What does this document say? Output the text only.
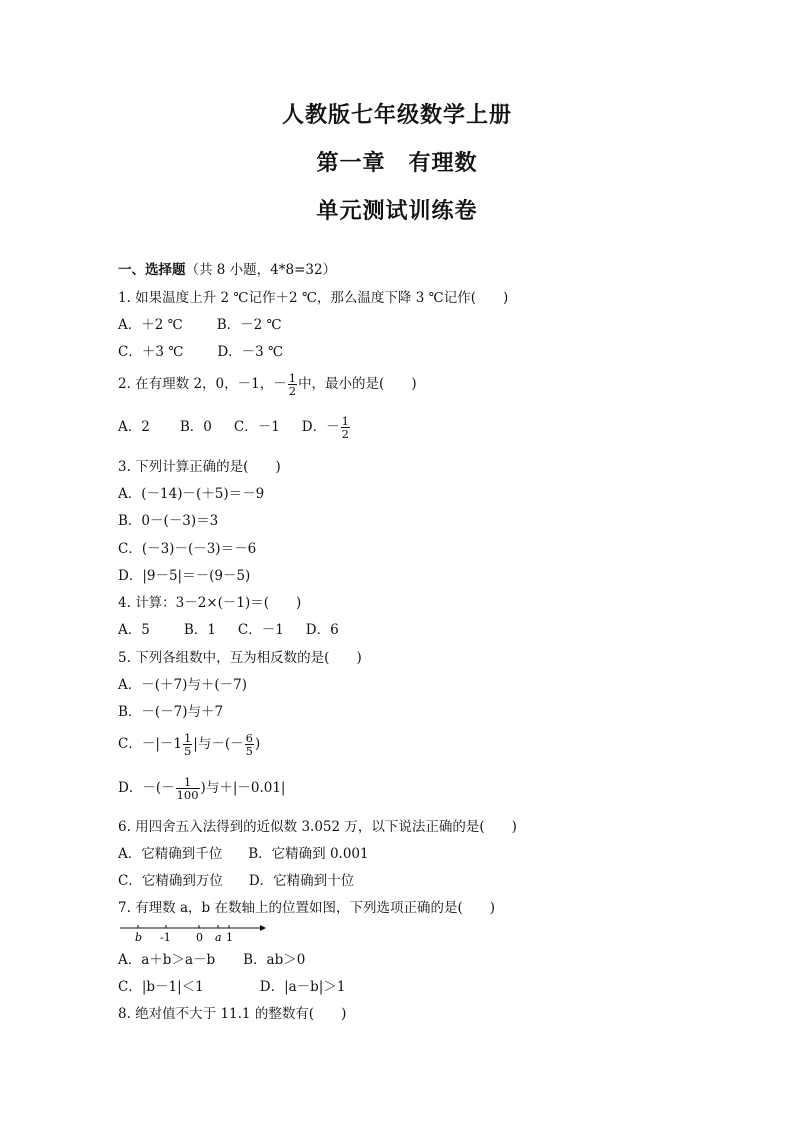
人教版七年级数学上册
第一章　有理数
单元测试训练卷
一、选择题（共 8 小题，4*8=32）
1. 如果温度上升 2 ℃记作＋2 ℃，那么温度下降 3 ℃记作(　　)
A．＋2 ℃	B．－2 ℃
C．＋3 ℃	D．－3 ℃
2. 在有理数 2，0，－1，－ $\frac{1}{2}$ 中，最小的是(　　)
A．2 B．0 C．－1 D．－ $\frac{1}{2}$
3. 下列计算正确的是(　　)
A．(－14)－(＋5)＝－9
B．0－(－3)＝3
C．(－3)－(－3)＝－6
D．|9－5|＝－(9－5)
4. 计算：3－2×(－1)＝(　　)
A．5	B．1 C．－1 D．6
5. 下列各组数中，互为相反数的是(　　)
A．－(＋7)与＋(－7)
B．－(－7)与＋7
C．$-|-1 \frac{1}{5}$ |与－(－ $\frac{6}{5}$ )
D．－(－ $\frac{1}{100}$ )与＋|－0.01|
6. 用四舍五入法得到的近似数 3.052 万，以下说法正确的是(　　)
A．它精确到千位 B．它精确到 0.001
C．它精确到万位 D．它精确到十位
7. 有理数 a，b 在数轴上的位置如图，下列选项正确的是(　　)
b -1 0 a 1
A．a＋b＞a－b B．ab＞0
C．|b－1|＜1	D．|a－b|＞1
8. 绝对值不大于 11.1 的整数有(　　)
